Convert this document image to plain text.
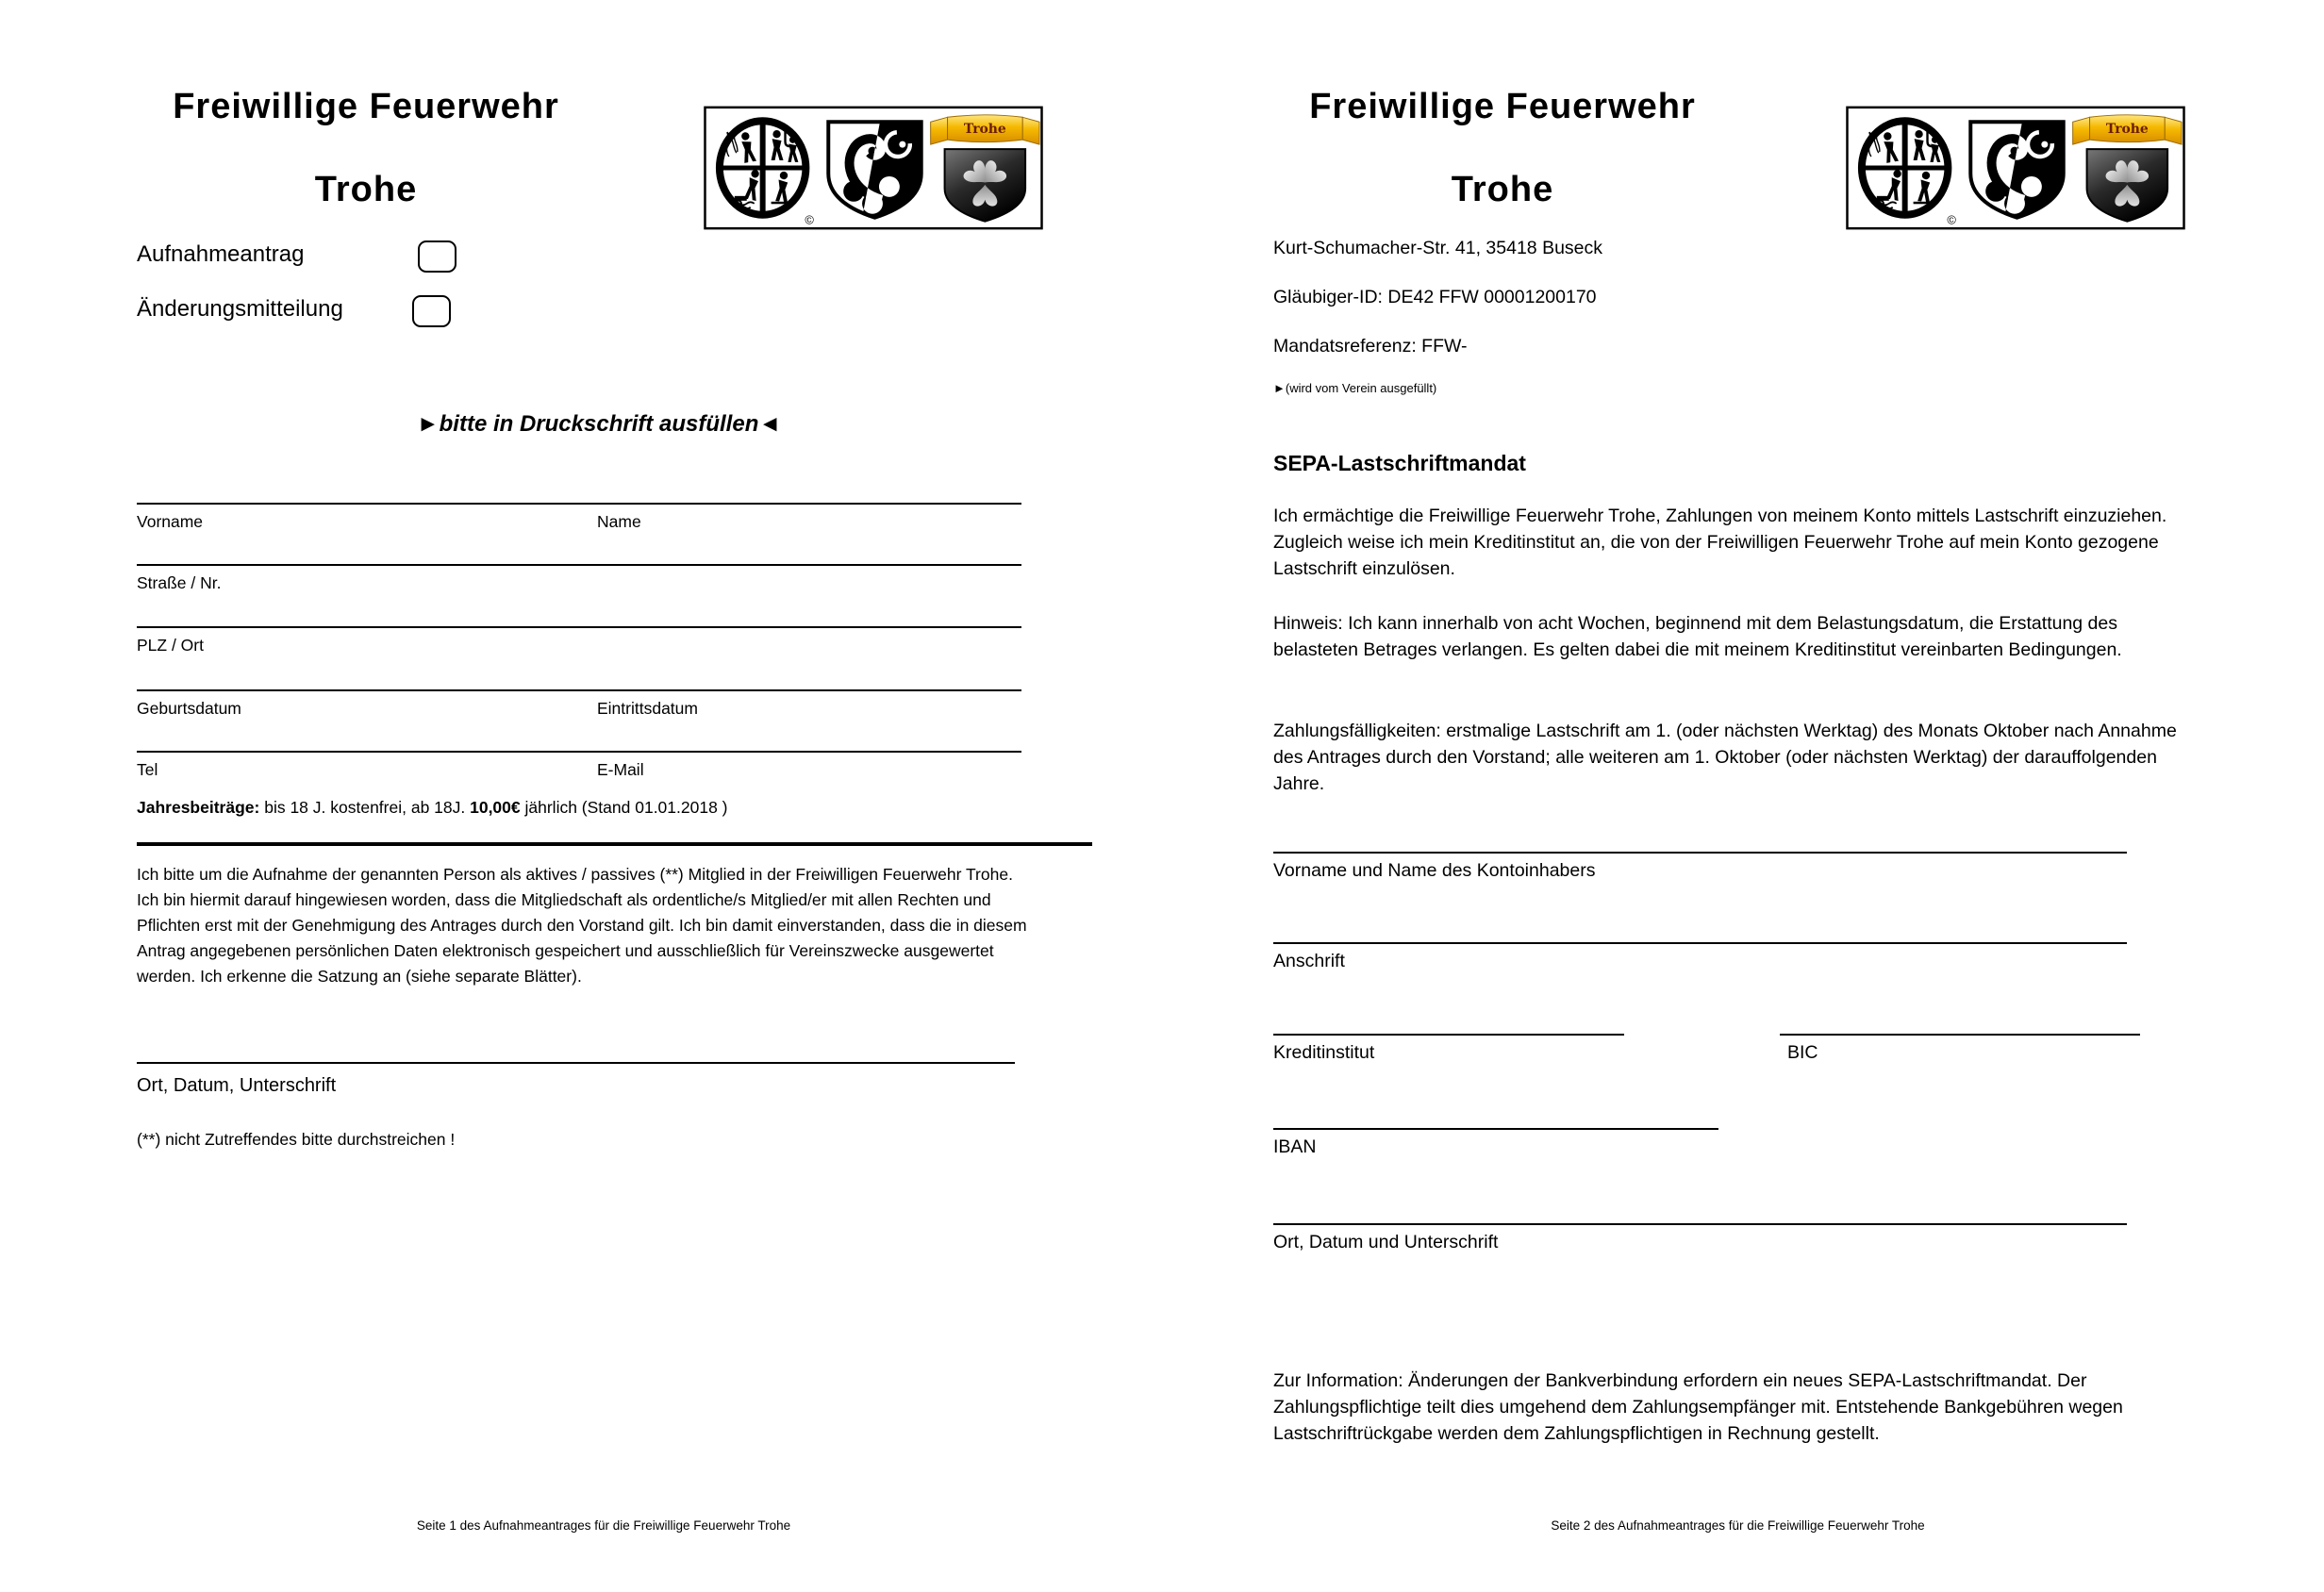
Freiwillige Feuerwehr
Trohe
©
Trohe
Aufnahmeantrag
Änderungsmitteilung
►bitte in Druckschrift ausfüllen◄
Vorname	Name
Straße / Nr.
PLZ / Ort
Geburtsdatum	Eintrittsdatum
Tel	E-Mail
Jahresbeiträge: bis 18 J. kostenfrei, ab 18J. 10,00€ jährlich (Stand 01.01.2018 )
Ich bitte um die Aufnahme der genannten Person als aktives / passives (**) Mitglied in der Freiwilligen Feuerwehr Trohe. Ich bin hiermit darauf hingewiesen worden, dass die Mitgliedschaft als ordentliche/s Mitglied/er mit allen Rechten und Pflichten erst mit der Genehmigung des Antrages durch den Vorstand gilt. Ich bin damit einverstanden, dass die in diesem Antrag angegebenen persönlichen Daten elektronisch gespeichert und ausschließlich für Vereinszwecke ausgewertet werden. Ich erkenne die Satzung an (siehe separate Blätter).
Ort, Datum, Unterschrift
(**) nicht Zutreffendes bitte durchstreichen !
Seite 1 des Aufnahmeantrages für die Freiwillige Feuerwehr Trohe
Freiwillige Feuerwehr
Trohe
©
Trohe
Kurt-Schumacher-Str. 41, 35418 Buseck
Gläubiger-ID: DE42 FFW 00001200170
Mandatsreferenz: FFW-
►(wird vom Verein ausgefüllt)
SEPA-Lastschriftmandat
Ich ermächtige die Freiwillige Feuerwehr Trohe, Zahlungen von meinem Konto mittels Lastschrift einzuziehen. Zugleich weise ich mein Kreditinstitut an, die von der Freiwilligen Feuerwehr Trohe auf mein Konto gezogene Lastschrift einzulösen.
Hinweis: Ich kann innerhalb von acht Wochen, beginnend mit dem Belastungsdatum, die Erstattung des belasteten Betrages verlangen. Es gelten dabei die mit meinem Kreditinstitut vereinbarten Bedingungen.
Zahlungsfälligkeiten: erstmalige Lastschrift am 1. (oder nächsten Werktag) des Monats Oktober nach Annahme des Antrages durch den Vorstand; alle weiteren am 1. Oktober (oder nächsten Werktag) der darauffolgenden Jahre.
Vorname und Name des Kontoinhabers
Anschrift
Kreditinstitut	BIC
IBAN
Ort, Datum und Unterschrift
Zur Information: Änderungen der Bankverbindung erfordern ein neues SEPA-Lastschriftmandat. Der Zahlungspflichtige teilt dies umgehend dem Zahlungsempfänger mit. Entstehende Bankgebühren wegen Lastschriftrückgabe werden dem Zahlungspflichtigen in Rechnung gestellt.
Seite 2 des Aufnahmeantrages für die Freiwillige Feuerwehr Trohe
